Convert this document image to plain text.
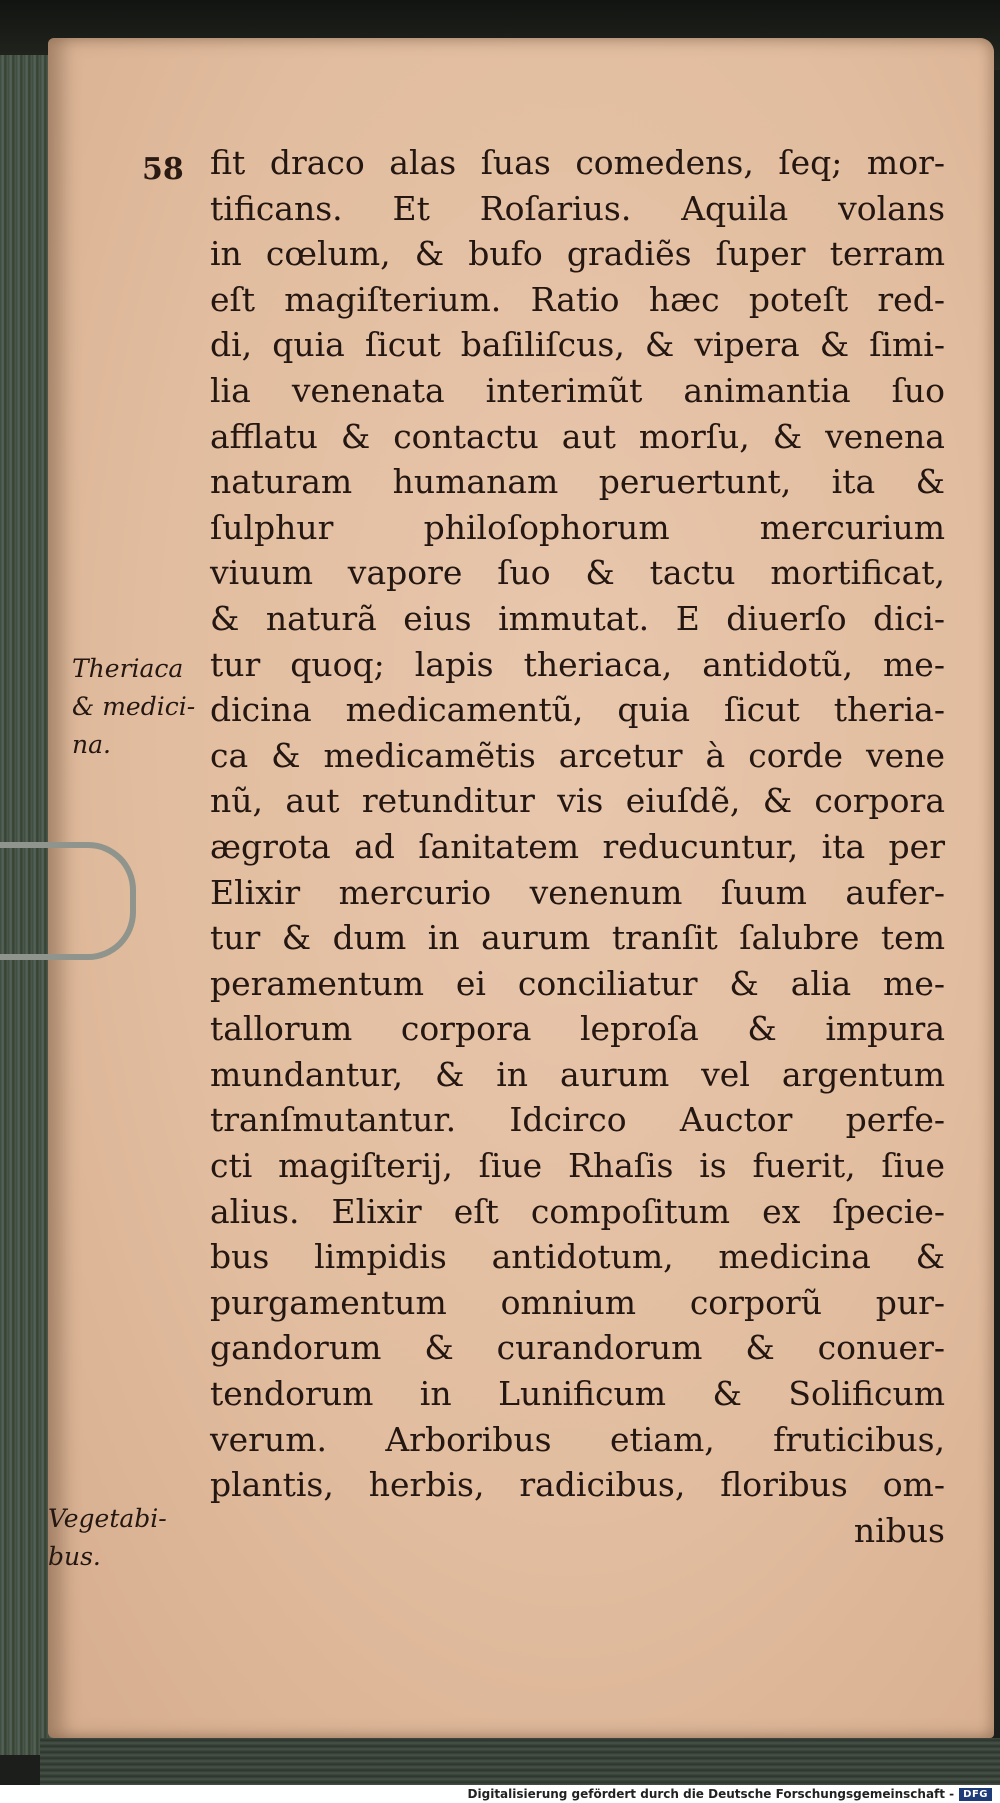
58 fit draco alas ſuas comedens, ſeq; mor-
tificans. Et Roſarius. Aquila volans
in cœlum, & bufo gradiẽs ſuper terram
eſt magiſterium. Ratio hæc poteſt red-
di, quia ſicut baſiliſcus, & vipera & ſimi-
lia venenata interimũt animantia ſuo
afflatu & contactu aut morſu, & venena
naturam humanam peruertunt, ita &
ſulphur philoſophorum mercurium
viuum vapore ſuo & tactu mortificat,
& naturã eius immutat. E diuerſo dici-
tur quoq; lapis theriaca, antidotũ, me-
dicina medicamentũ, quia ſicut theria-
ca & medicamẽtis arcetur à corde vene
nũ, aut retunditur vis eiuſdẽ, & corpora
ægrota ad ſanitatem reducuntur, ita per
Elixir mercurio venenum ſuum aufer-
tur & dum in aurum tranſit ſalubre tem
peramentum ei conciliatur & alia me-
tallorum corpora leproſa & impura
mundantur, & in aurum vel argentum
tranſmutantur. Idcirco Auctor perfe-
cti magiſterij, ſiue Rhaſis is fuerit, ſiue
alius. Elixir eſt compoſitum ex ſpecie-
bus limpidis antidotum, medicina &
purgamentum omnium corporũ pur-
gandorum & curandorum & conuer-
tendorum in Lunificum & Solificum
verum. Arboribus etiam, fruticibus,
plantis, herbis, radicibus, floribus om-
nibus
Theriaca
& medici-
na.
Vegetabi-
bus.
Digitalisierung gefördert durch die Deutsche Forschungsgemeinschaft - DFG
